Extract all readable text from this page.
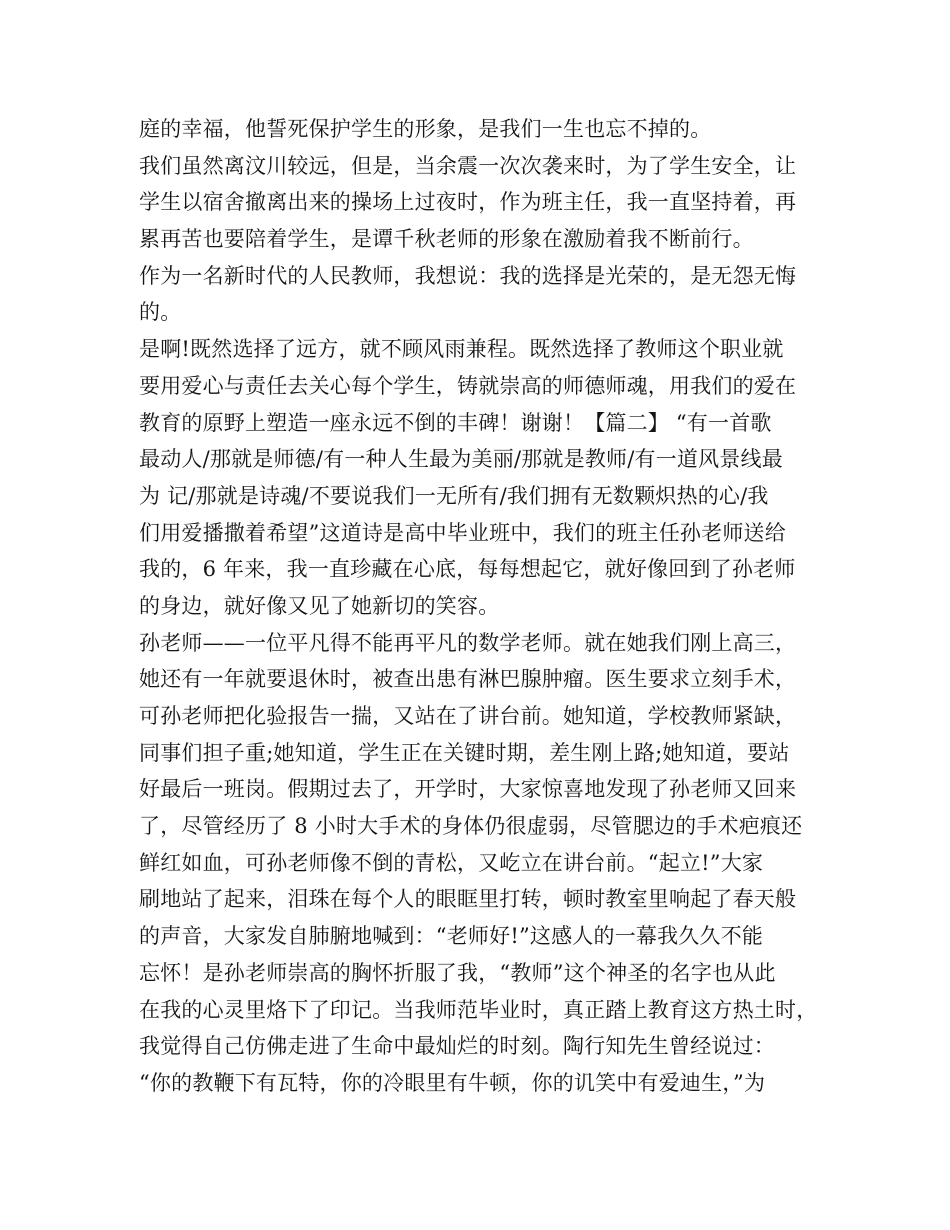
庭的幸福，他誓死保护学生的形象，是我们一生也忘不掉的。
我们虽然离汶川较远，但是，当余震一次次袭来时，为了学生安全，让
学生以宿舍撤离出来的操场上过夜时，作为班主任，我一直坚持着，再
累再苦也要陪着学生，是谭千秋老师的形象在激励着我不断前行。
作为一名新时代的人民教师，我想说：我的选择是光荣的，是无怨无悔
的。
是啊!既然选择了远方，就不顾风雨兼程。既然选择了教师这个职业就
要用爱心与责任去关心每个学生，铸就崇高的师德师魂，用我们的爱在
教育的原野上塑造一座永远不倒的丰碑！谢谢！【篇二】 “有一首歌
最动人/那就是师德/有一种人生最为美丽/那就是教师/有一道风景线最
为 记/那就是诗魂/不要说我们一无所有/我们拥有无数颗炽热的心/我
们用爱播撒着希望”这道诗是高中毕业班中，我们的班主任孙老师送给
我的，6 年来，我一直珍藏在心底，每每想起它，就好像回到了孙老师
的身边，就好像又见了她新切的笑容。
孙老师——一位平凡得不能再平凡的数学老师。就在她我们刚上高三，
她还有一年就要退休时，被查出患有淋巴腺肿瘤。医生要求立刻手术，
可孙老师把化验报告一揣，又站在了讲台前。她知道，学校教师紧缺，
同事们担子重;她知道，学生正在关键时期，差生刚上路;她知道，要站
好最后一班岗。假期过去了，开学时，大家惊喜地发现了孙老师又回来
了，尽管经历了 8 小时大手术的身体仍很虚弱，尽管腮边的手术疤痕还
鲜红如血，可孙老师像不倒的青松，又屹立在讲台前。“起立!”大家
刷地站了起来，泪珠在每个人的眼眶里打转，顿时教室里响起了春天般
的声音，大家发自肺腑地喊到：“老师好!”这感人的一幕我久久不能
忘怀！是孙老师崇高的胸怀折服了我，“教师”这个神圣的名字也从此
在我的心灵里烙下了印记。当我师范毕业时，真正踏上教育这方热土时，
我觉得自己仿佛走进了生命中最灿烂的时刻。陶行知先生曾经说过：
“你的教鞭下有瓦特，你的冷眼里有牛顿，你的讥笑中有爱迪生，”为
